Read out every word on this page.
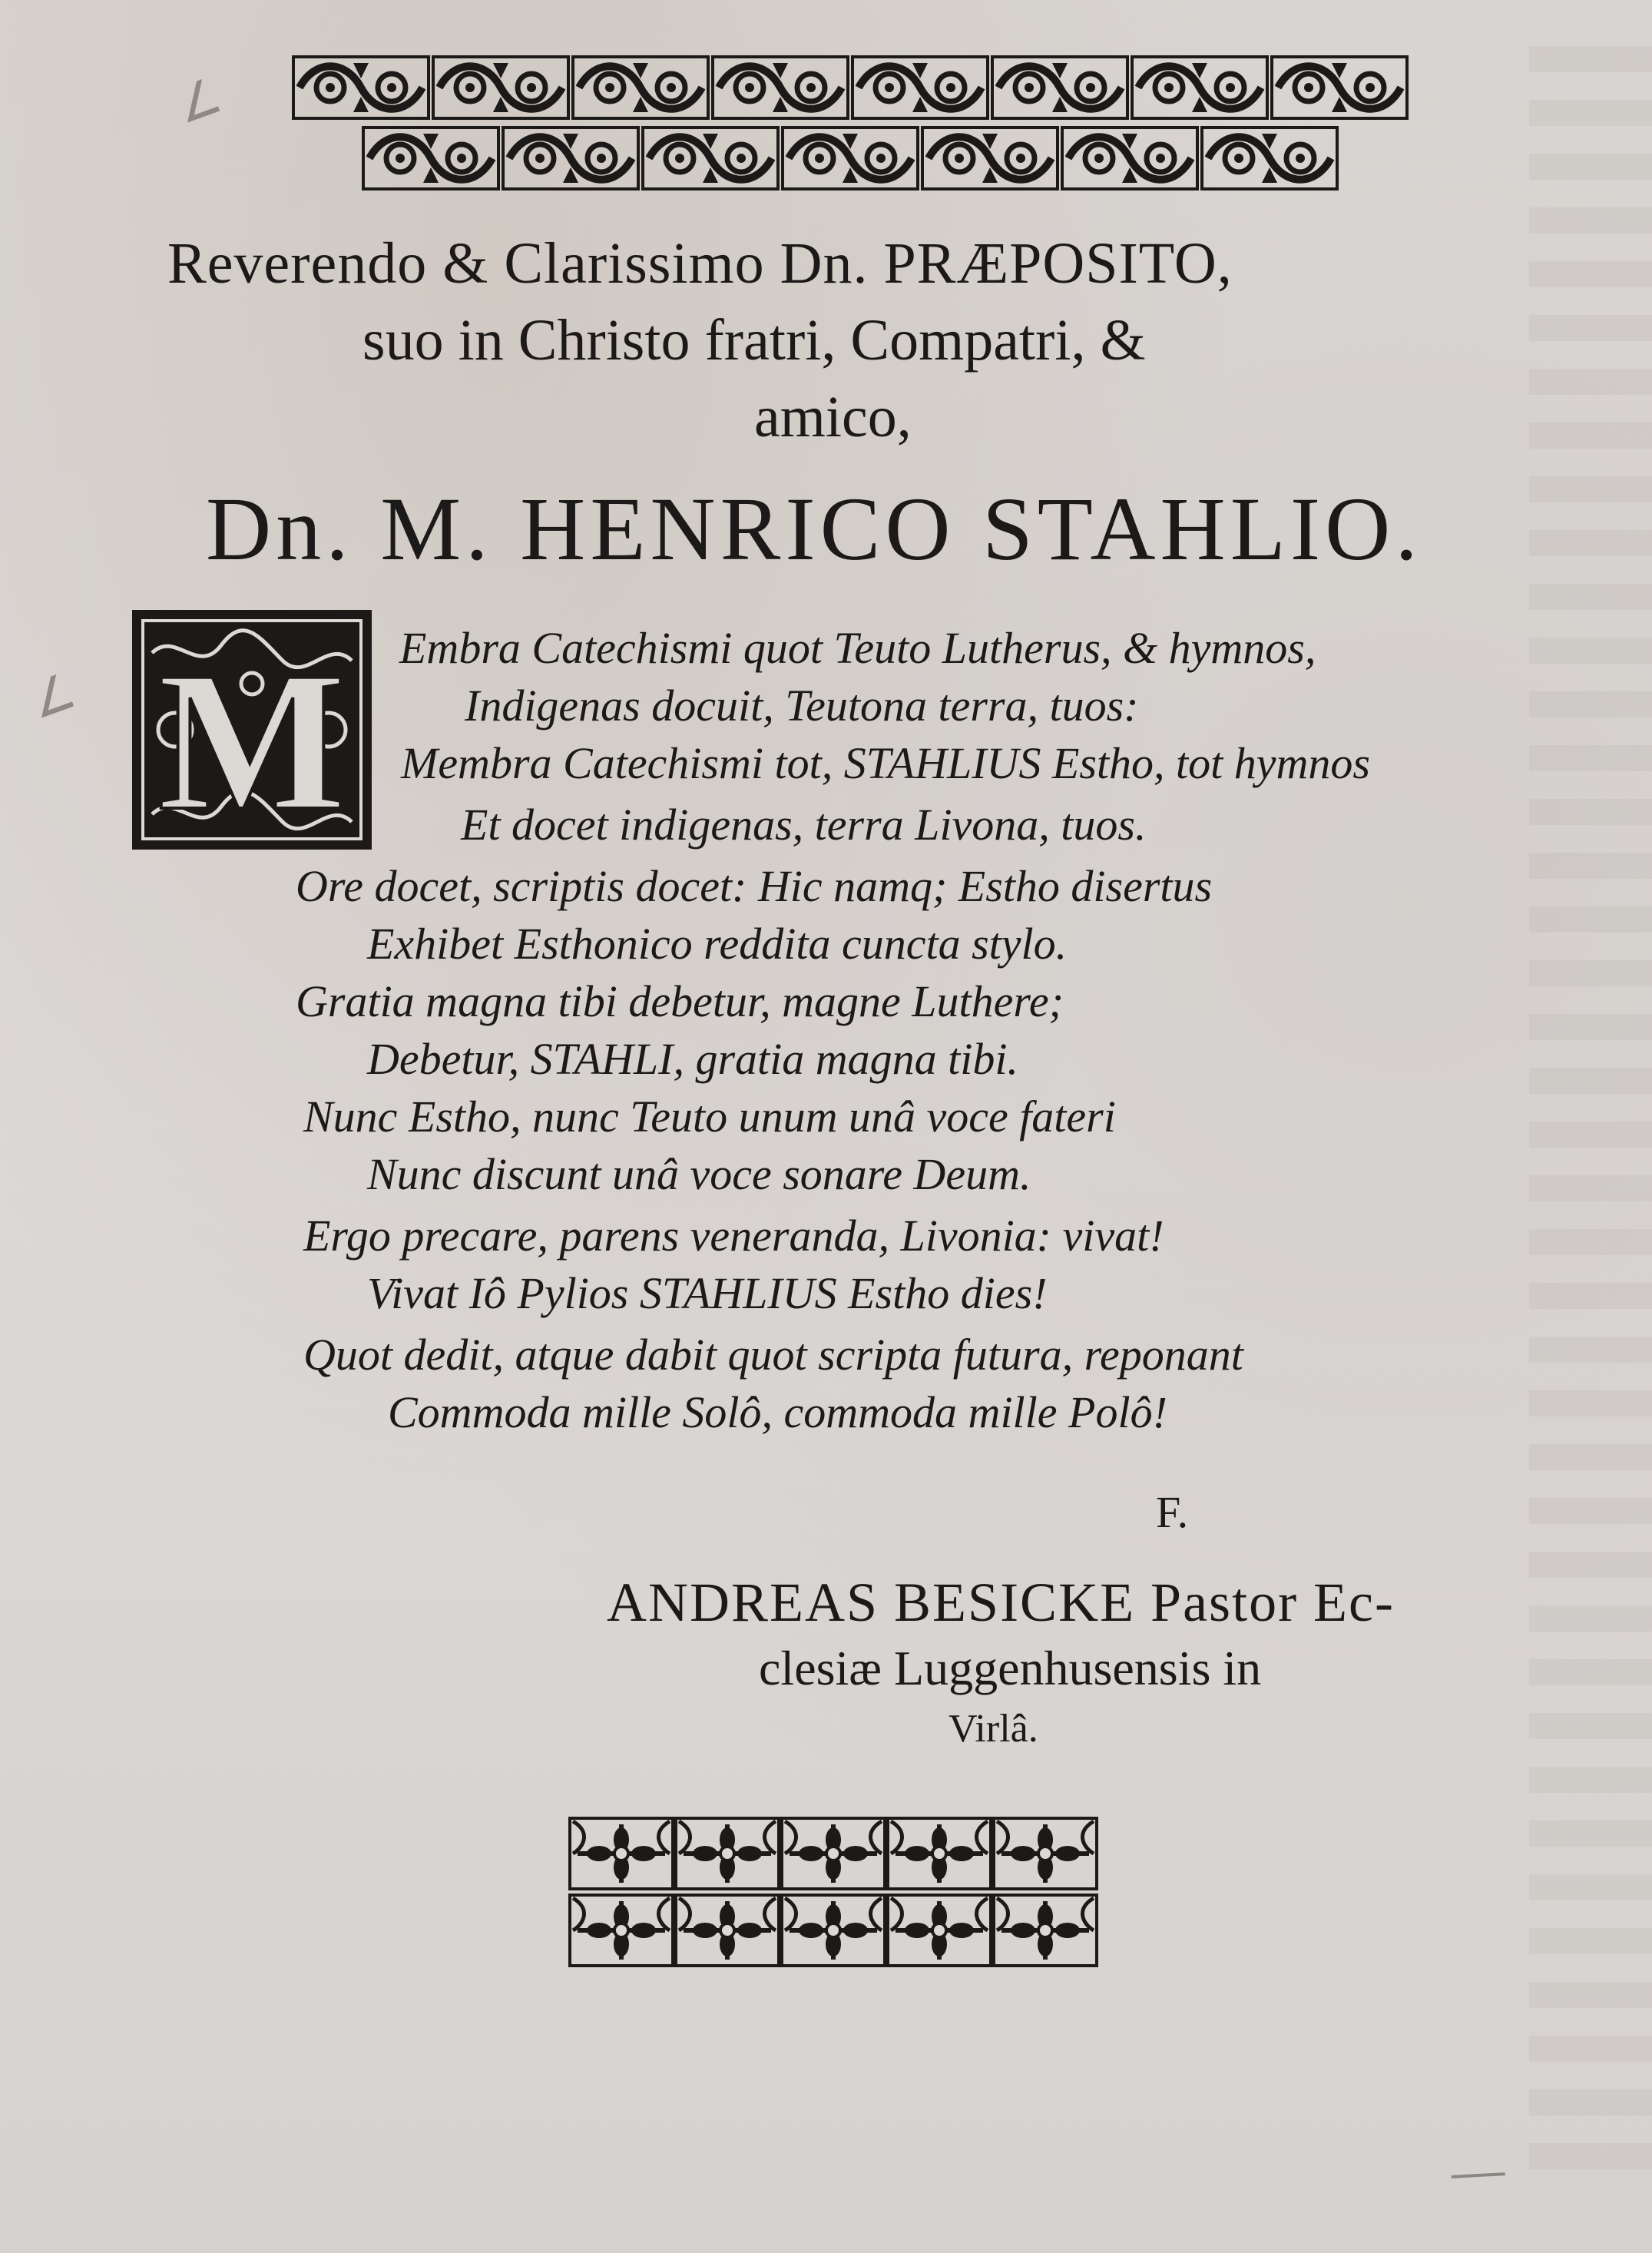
∠
∠
Reverendo & Clarissimo Dn. PRÆPOSITO,
suo in Christo fratri, Compatri, &
amico,
Dn. M. HENRICO STAHLIO.
M Embra Catechismi quot Teuto Lutherus, & hymnos,
Indigenas docuit, Teutona terra, tuos:
Membra Catechismi tot, STAHLIUS Estho, tot hymnos
Et docet indigenas, terra Livona, tuos.
Ore docet, scriptis docet: Hic namq; Estho disertus
Exhibet Esthonico reddita cuncta stylo.
Gratia magna tibi debetur, magne Luthere;
Debetur, STAHLI, gratia magna tibi.
Nunc Estho, nunc Teuto unum unâ voce fateri
Nunc discunt unâ voce sonare Deum.
Ergo precare, parens veneranda, Livonia: vivat!
Vivat Iô Pylios STAHLIUS Estho dies!
Quot dedit, atque dabit quot scripta futura, reponant
Commoda mille Solô, commoda mille Polô!
F.
ANDREAS BESICKE Pastor Ec-
clesiæ Luggenhusensis in
Virlâ.
